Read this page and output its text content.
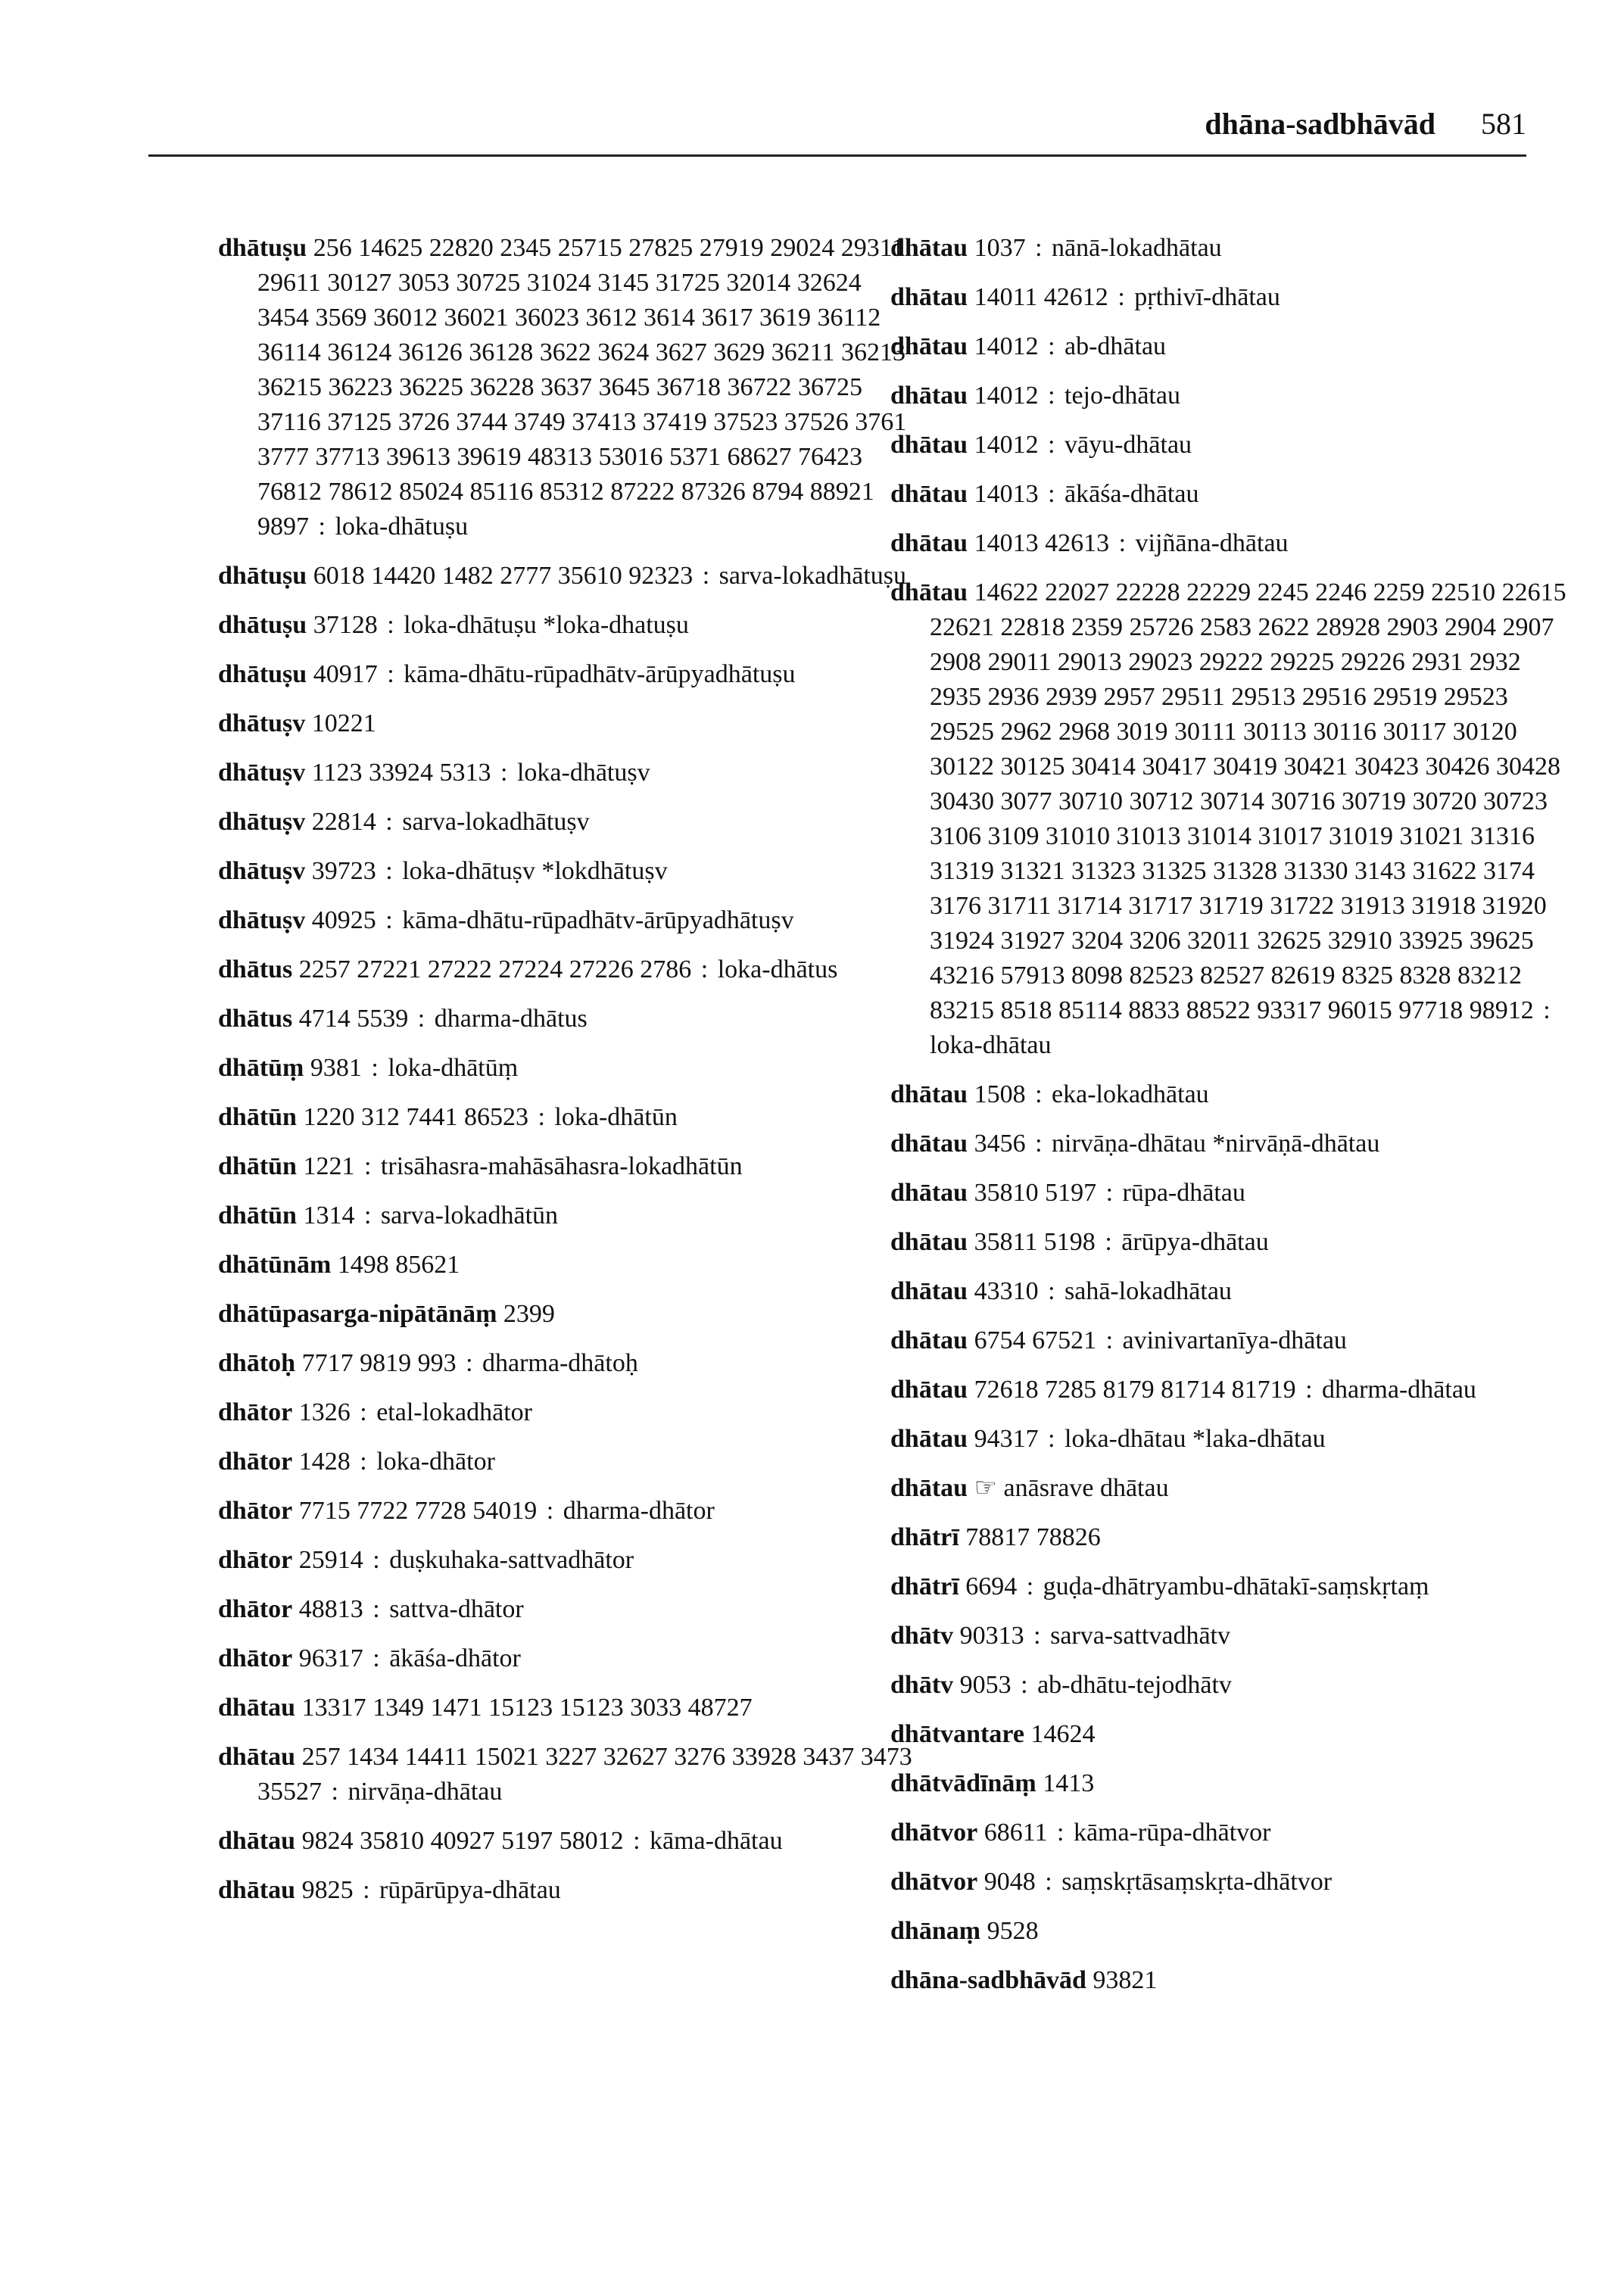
dhāna-sadbhāvād 581
dhātuṣu 256 14625 22820 2345 25715 27825 27919 29024 29311 29611 30127 3053 30725 31024 3145 31725 32014 32624 3454 3569 36012 36021 36023 3612 3614 3617 3619 36112 36114 36124 36126 36128 3622 3624 3627 3629 36211 36213 36215 36223 36225 36228 3637 3645 36718 36722 36725 37116 37125 3726 3744 3749 37413 37419 37523 37526 3761 3777 37713 39613 39619 48313 53016 5371 68627 76423 76812 78612 85024 85116 85312 87222 87326 8794 88921 9897 : loka-dhātuṣu
dhātuṣu 6018 14420 1482 2777 35610 92323 : sarva-lokadhātuṣu
dhātuṣu 37128 : loka-dhātuṣu *loka-dhatuṣu
dhātuṣu 40917 : kāma-dhātu-rūpadhātv-ārūpyadhātuṣu
dhātuṣv 10221
dhātuṣv 1123 33924 5313 : loka-dhātuṣv
dhātuṣv 22814 : sarva-lokadhātuṣv
dhātuṣv 39723 : loka-dhātuṣv *lokdhātuṣv
dhātuṣv 40925 : kāma-dhātu-rūpadhātv-ārūpyadhātuṣv
dhātus 2257 27221 27222 27224 27226 2786 : loka-dhātus
dhātus 4714 5539 : dharma-dhātus
dhātūṃ 9381 : loka-dhātūṃ
dhātūn 1220 312 7441 86523 : loka-dhātūn
dhātūn 1221 : trisāhasra-mahāsāhasra-lokadhātūn
dhātūn 1314 : sarva-lokadhātūn
dhātūnām 1498 85621
dhātūpasarga-nipātānāṃ 2399
dhātoḥ 7717 9819 993 : dharma-dhātoḥ
dhātor 1326 : etal-lokadhātor
dhātor 1428 : loka-dhātor
dhātor 7715 7722 7728 54019 : dharma-dhātor
dhātor 25914 : duṣkuhaka-sattvadhātor
dhātor 48813 : sattva-dhātor
dhātor 96317 : ākāśa-dhātor
dhātau 13317 1349 1471 15123 15123 3033 48727
dhātau 257 1434 14411 15021 3227 32627 3276 33928 3437 3473 35527 : nirvāṇa-dhātau
dhātau 9824 35810 40927 5197 58012 : kāma-dhātau
dhātau 9825 : rūpārūpya-dhātau
dhātau 1037 : nānā-lokadhātau
dhātau 14011 42612 : pṛthivī-dhātau
dhātau 14012 : ab-dhātau
dhātau 14012 : tejo-dhātau
dhātau 14012 : vāyu-dhātau
dhātau 14013 : ākāśa-dhātau
dhātau 14013 42613 : vijñāna-dhātau
dhātau 14622 22027 22228 22229 2245 2246 2259 22510 22615 22621 22818 2359 25726 2583 2622 28928 2903 2904 2907 2908 29011 29013 29023 29222 29225 29226 2931 2932 2935 2936 2939 2957 29511 29513 29516 29519 29523 29525 2962 2968 3019 30111 30113 30116 30117 30120 30122 30125 30414 30417 30419 30421 30423 30426 30428 30430 3077 30710 30712 30714 30716 30719 30720 30723 3106 3109 31010 31013 31014 31017 31019 31021 31316 31319 31321 31323 31325 31328 31330 3143 31622 3174 3176 31711 31714 31717 31719 31722 31913 31918 31920 31924 31927 3204 3206 32011 32625 32910 33925 39625 43216 57913 8098 82523 82527 82619 8325 8328 83212 83215 8518 85114 8833 88522 93317 96015 97718 98912 : loka-dhātau
dhātau 1508 : eka-lokadhātau
dhātau 3456 : nirvāṇa-dhātau *nirvāṇā-dhātau
dhātau 35810 5197 : rūpa-dhātau
dhātau 35811 5198 : ārūpya-dhātau
dhātau 43310 : sahā-lokadhātau
dhātau 6754 67521 : avinivartanīya-dhātau
dhātau 72618 7285 8179 81714 81719 : dharma-dhātau
dhātau 94317 : loka-dhātau *laka-dhātau
dhātau ☞ anāsrave dhātau
dhātrī 78817 78826
dhātrī 6694 : guḍa-dhātryambu-dhātakī-saṃskṛtaṃ
dhātv 90313 : sarva-sattvadhātv
dhātv 9053 : ab-dhātu-tejodhātv
dhātvantare 14624
dhātvādīnāṃ 1413
dhātvor 68611 : kāma-rūpa-dhātvor
dhātvor 9048 : saṃskṛtāsaṃskṛta-dhātvor
dhānaṃ 9528
dhāna-sadbhāvād 93821
